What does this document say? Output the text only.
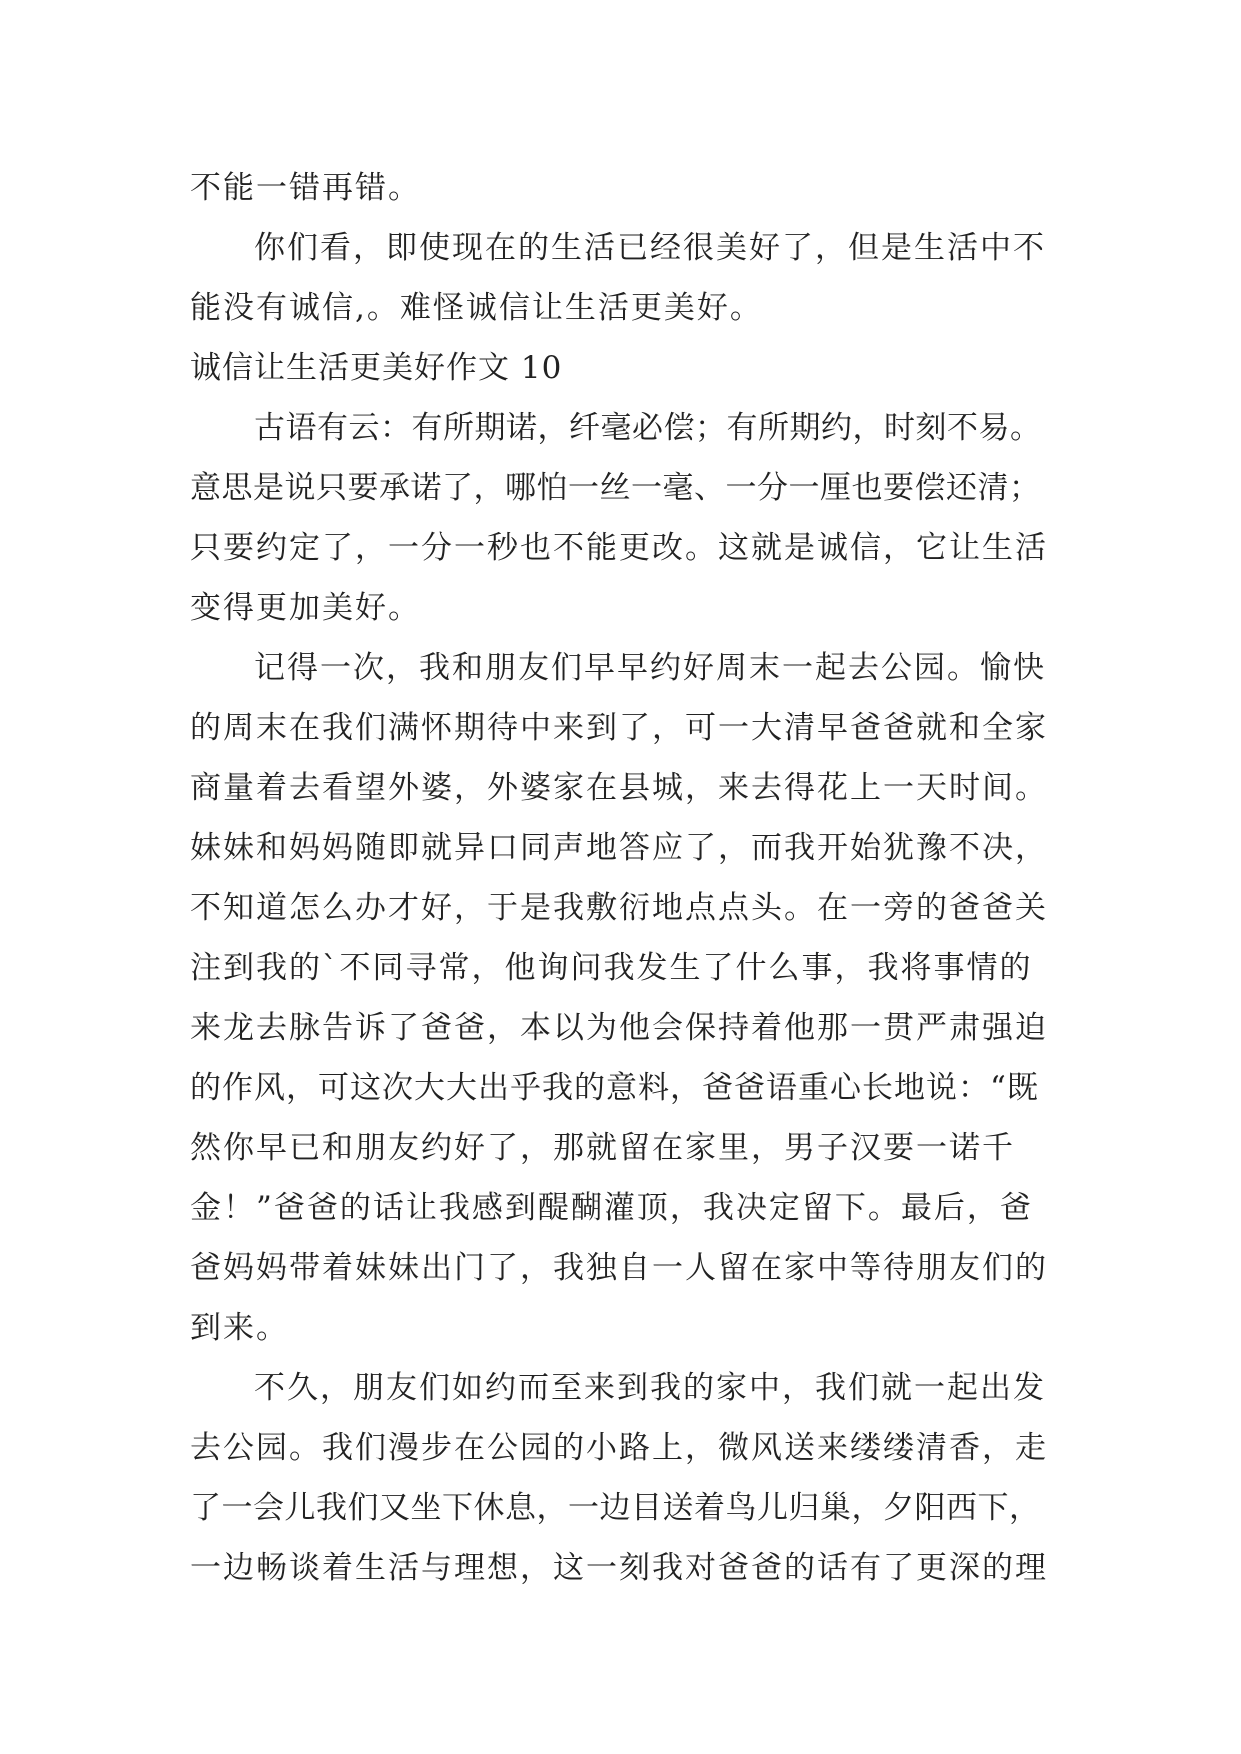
不能一错再错。
你们看，即使现在的生活已经很美好了，但是生活中不
能没有诚信,。难怪诚信让生活更美好。
诚信让生活更美好作文 10
古语有云：有所期诺，纤毫必偿；有所期约，时刻不易。
意思是说只要承诺了，哪怕一丝一毫、一分一厘也要偿还清；
只要约定了，一分一秒也不能更改。这就是诚信，它让生活
变得更加美好。
记得一次，我和朋友们早早约好周末一起去公园。愉快
的周末在我们满怀期待中来到了，可一大清早爸爸就和全家
商量着去看望外婆，外婆家在县城，来去得花上一天时间。
妹妹和妈妈随即就异口同声地答应了，而我开始犹豫不决，
不知道怎么办才好，于是我敷衍地点点头。在一旁的爸爸关
注到我的`不同寻常，他询问我发生了什么事，我将事情的
来龙去脉告诉了爸爸，本以为他会保持着他那一贯严肃强迫
的作风，可这次大大出乎我的意料，爸爸语重心长地说：“既
然你早已和朋友约好了，那就留在家里，男子汉要一诺千
金！”爸爸的话让我感到醍醐灌顶，我决定留下。最后，爸
爸妈妈带着妹妹出门了，我独自一人留在家中等待朋友们的
到来。
不久，朋友们如约而至来到我的家中，我们就一起出发
去公园。我们漫步在公园的小路上，微风送来缕缕清香，走
了一会儿我们又坐下休息，一边目送着鸟儿归巢，夕阳西下，
一边畅谈着生活与理想，这一刻我对爸爸的话有了更深的理
